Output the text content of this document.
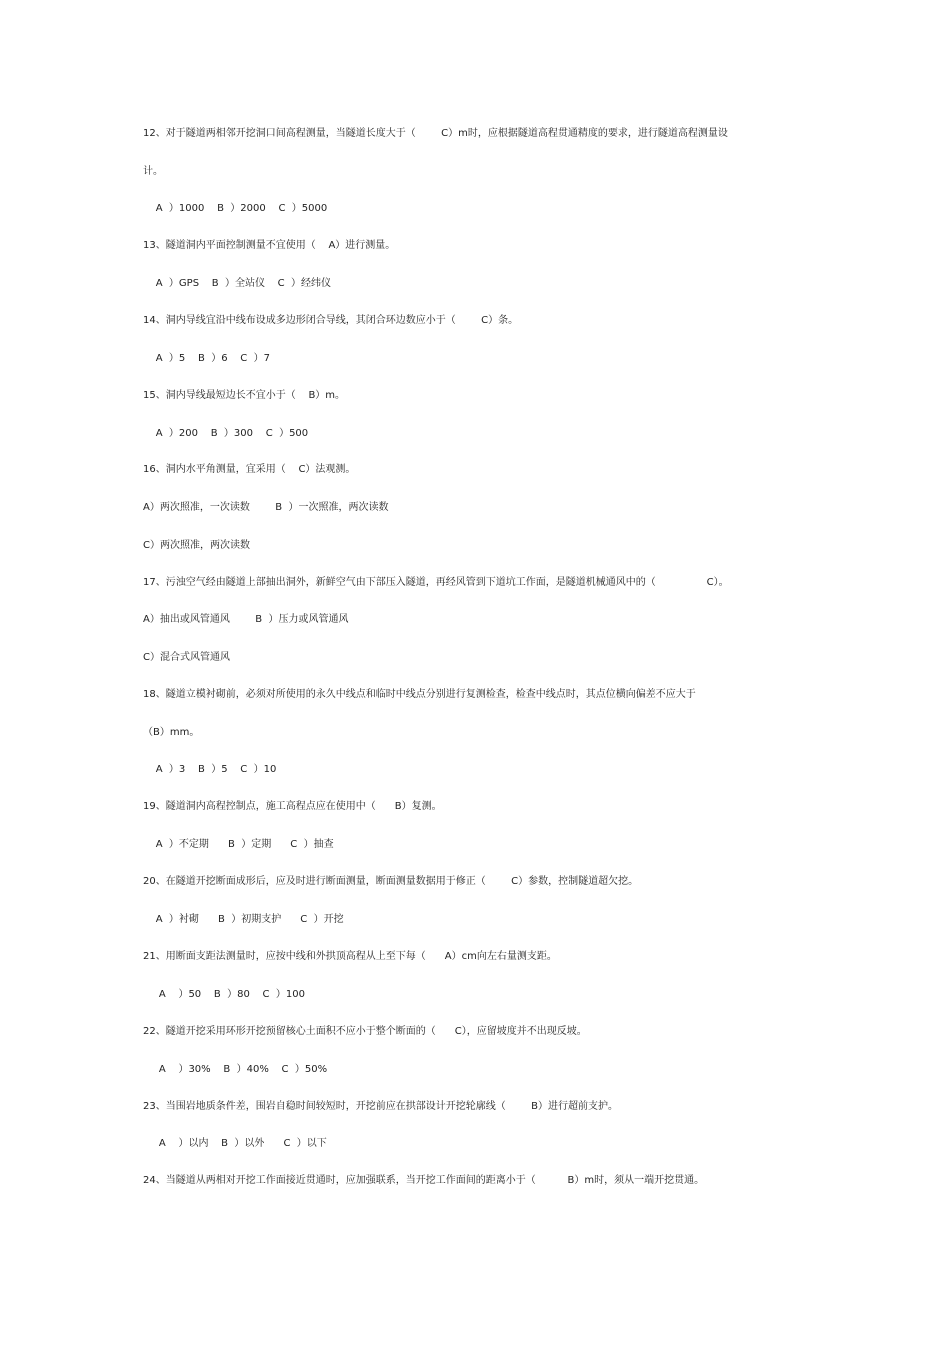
12、对于隧道两相邻开挖洞口间高程测量，当隧道长度大于（        C）m时，应根据隧道高程贯通精度的要求，进行隧道高程测量设
计。
A  ）1000    B  ）2000    C  ）5000
13、隧道洞内平面控制测量不宜使用（    A）进行测量。
A  ）GPS    B  ）全站仪    C  ）经纬仪
14、洞内导线宜沿中线布设成多边形闭合导线，其闭合环边数应小于（        C）条。
A  ）5    B  ）6    C  ）7
15、洞内导线最短边长不宜小于（    B）m。
A  ）200    B  ）300    C  ）500
16、洞内水平角测量，宜采用（    C）法观测。
A）两次照准，一次读数        B  ）一次照准，两次读数
C）两次照准，两次读数
17、污浊空气经由隧道上部抽出洞外，新鲜空气由下部压入隧道，再经风管到下道坑工作面，是隧道机械通风中的（                C）。
A）抽出或风管通风        B  ）压力或风管通风
C）混合式风管通风
18、隧道立模衬砌前，必须对所使用的永久中线点和临时中线点分别进行复测检查，检查中线点时，其点位横向偏差不应大于
（B）mm。
A  ）3    B  ）5    C  ）10
19、隧道洞内高程控制点，施工高程点应在使用中（      B）复测。
A  ）不定期      B  ）定期      C  ）抽查
20、在隧道开挖断面成形后，应及时进行断面测量，断面测量数据用于修正（        C）参数，控制隧道超欠挖。
A  ）衬砌      B  ）初期支护      C  ）开挖
21、用断面支距法测量时，应按中线和外拱顶高程从上至下每（      A）cm向左右量测支距。
A    ）50    B  ）80    C  ）100
22、隧道开挖采用环形开挖预留核心土面积不应小于整个断面的（      C），应留坡度并不出现反坡。
A    ）30%    B  ）40%    C  ）50%
23、当围岩地质条件差，围岩自稳时间较短时，开挖前应在拱部设计开挖轮廓线（        B）进行超前支护。
A    ）以内    B  ）以外      C  ）以下
24、当隧道从两相对开挖工作面接近贯通时，应加强联系，当开挖工作面间的距离小于（          B）m时，须从一端开挖贯通。
